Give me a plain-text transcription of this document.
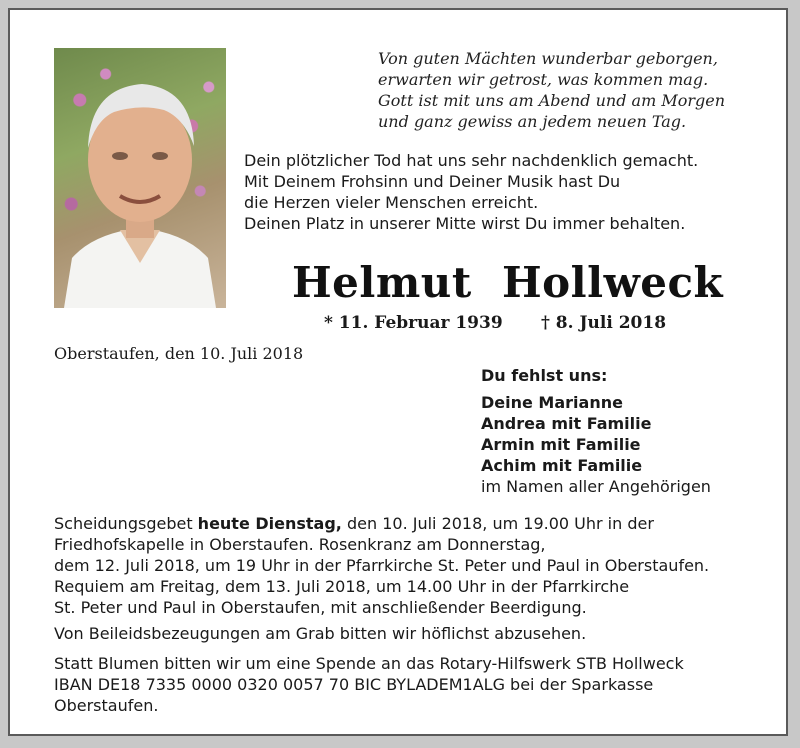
Von guten Mächten wunderbar geborgen,
erwarten wir getrost, was kommen mag.
Gott ist mit uns am Abend und am Morgen
und ganz gewiss an jedem neuen Tag.
Dein plötzlicher Tod hat uns sehr nachdenklich gemacht.
Mit Deinem Frohsinn und Deiner Musik hast Du
die Herzen vieler Menschen erreicht.
Deinen Platz in unserer Mitte wirst Du immer behalten.
Helmut  Hollweck
* 11. Februar 1939 † 8. Juli 2018
Oberstaufen, den 10. Juli 2018
Du fehlst uns:
Deine Marianne
Andrea mit Familie
Armin mit Familie
Achim mit Familie
im Namen aller Angehörigen
Scheidungsgebet heute Dienstag, den 10. Juli 2018, um 19.00 Uhr in der
Friedhofskapelle in Oberstaufen. Rosenkranz am Donnerstag,
dem 12. Juli 2018, um 19 Uhr in der Pfarrkirche St. Peter und Paul in Oberstaufen.
Requiem am Freitag, dem 13. Juli 2018, um 14.00 Uhr in der Pfarrkirche
St. Peter und Paul in Oberstaufen, mit anschließender Beerdigung.
Von Beileidsbezeugungen am Grab bitten wir höflichst abzusehen.
Statt Blumen bitten wir um eine Spende an das Rotary-Hilfswerk STB Hollweck
IBAN DE18 7335 0000 0320 0057 70 BIC BYLADEM1ALG bei der Sparkasse
Oberstaufen.
